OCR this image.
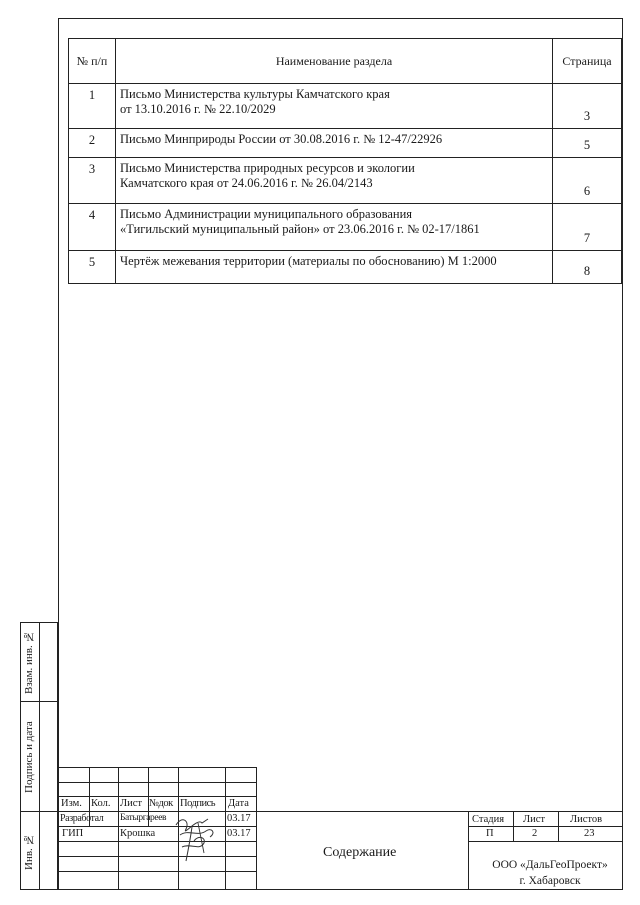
№ п/п	Наименование раздела	Страница
1	Письмо Министерства культуры Камчатского края
от 13.10.2016 г. № 22.10/2029	3
2	Письмо Минприроды России от 30.08.2016 г. № 12-47/22926	5
3	Письмо Министерства природных ресурсов и экологии
Камчатского края от 24.06.2016 г. № 26.04/2143	6
4	Письмо Администрации муниципального образования
«Тигильский муниципальный район» от 23.06.2016 г. № 02-17/1861	7
5	Чертёж межевания территории (материалы по обоснованию) М 1:2000	8
Взам. инв. №
Подпись и дата
Инв. №
Изм. Кол. Лист №док Подпись Дата
Разработал Батыргареев	03.17
ГИП	Крошка	03.17
Стадия Лист Листов
П	2	23
Содержание
ООО «ДальГеоПроект»
г. Хабаровск
